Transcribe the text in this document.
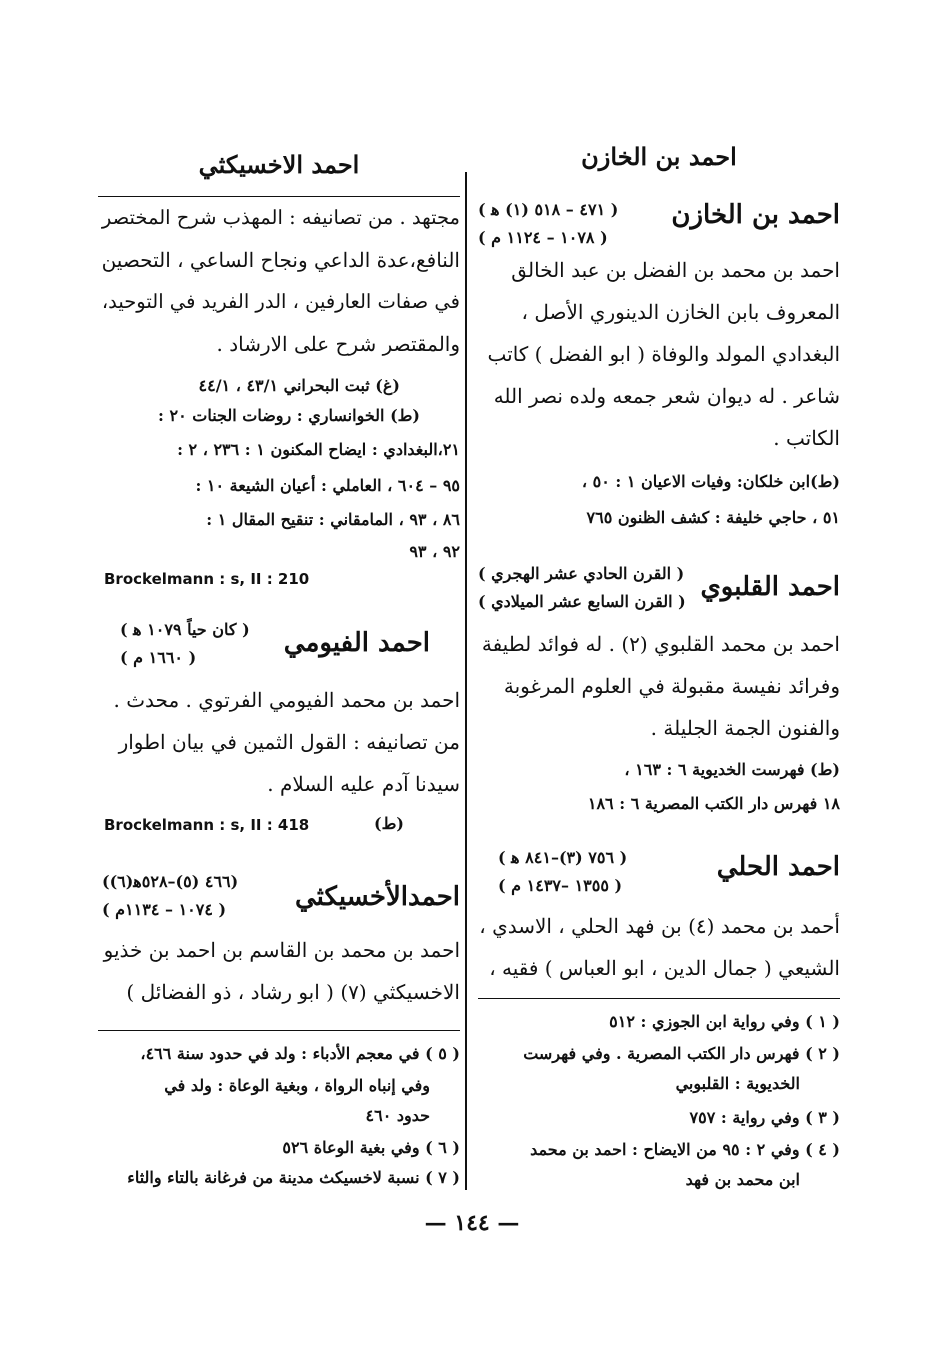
احمد بن الخازن
احمد الاخسيكثي
احمد بن الخازن
( ٤٧١ – ٥١٨ (١) ﻫ )
( ١٠٧٨ – ١١٢٤ م )
احمد بن محمد بن الفضل بن عبد الخالق
المعروف بابن الخازن الدينوري الأصل ،
البغدادي المولد والوفاة ( ابو الفضل ) كاتب
شاعر . له ديوان شعر جمعه ولده نصر الله
الكاتب .
(ط)ابن خلكان: وفيات الاعيان ١ : ٥٠ ،
٥١ ، حاجي خليفة : كشف الظنون ٧٦٥
احمد القلبوي
( القرن الحادي عشر الهجري )
( القرن السابع عشر الميلادي )
احمد بن محمد القلبوي (٢) . له فوائد لطيفة
وفرائد نفيسة مقبولة في العلوم المرغوبة
والفنون الجمة الجليلة .
(ط) فهرست الخديوية ٦ : ١٦٣ ،
١٨ فهرس دار الكتب المصرية ٦ : ١٨٦
احمد الحلي
( ٧٥٦ (٣)–٨٤١ ﻫ )
( ١٣٥٥ –١٤٣٧ م )
أحمد بن محمد (٤) بن فهد الحلي ، الاسدي ،
الشيعي ( جمال الدين ، ابو العباس ) فقيه ،
( ١ ) وفي رواية ابن الجوزي : ٥١٢
( ٢ ) فهرس دار الكتب المصرية . وفي فهرست
الخديوية : القلبوبي
( ٣ ) وفي رواية : ٧٥٧
( ٤ ) وفي ٢ : ٩٥ من الايضاح : احمد بن محمد
ابن محمد بن فهد
مجتهد . من تصانيفه : المهذب شرح المختصر
النافع،عدة الداعي ونجاح الساعي ، التحصين
في صفات العارفين ، الدر الفريد في التوحيد،
والمقتصر شرح على الارشاد .
(غ) ثبت البحراني ٤٣/١ ، ٤٤/١
(ط) الخوانساري : روضات الجنات ٢٠ :
٢١،البغدادي : ايضاح المكنون ١ : ٢٣٦ ، ٢ :
٩٥ – ٦٠٤ ، العاملي : أعيان الشيعة ١٠ :
٨٦ ، ٩٣ ، المامقاني : تنقيح المقال ١ :
٩٢ ، ٩٣
Brockelmann : s, II : 210
احمد الفيومي
( كان حياً ١٠٧٩ ﻫ )
( ١٦٦٠ م )
احمد بن محمد الفيومي الفرتوي . محدث .
من تصانيفه : القول الثمين في بيان اطوار
سيدنا آدم عليه السلام .
Brockelmann : s, II : 418	(ط)
احمدالأخسيكثي
(٤٦٦ (٥)–٥٢٨ﻫ(٦))
( ١٠٧٤ – ١١٣٤م )
احمد بن محمد بن القاسم بن احمد بن خذيو
الاخسيكثي (٧) ( ابو رشاد ، ذو الفضائل )
( ٥ ) في معجم الأدباء : ولد في حدود سنة ٤٦٦،
وفي إنباه الرواة ، وبغية الوعاة : ولد في
حدود ٤٦٠
( ٦ ) وفي بغية الوعاة ٥٢٦
( ٧ ) نسبة لاخسيكث مدينة من فرغانة بالتاء والثاء
— ١٤٤ —
